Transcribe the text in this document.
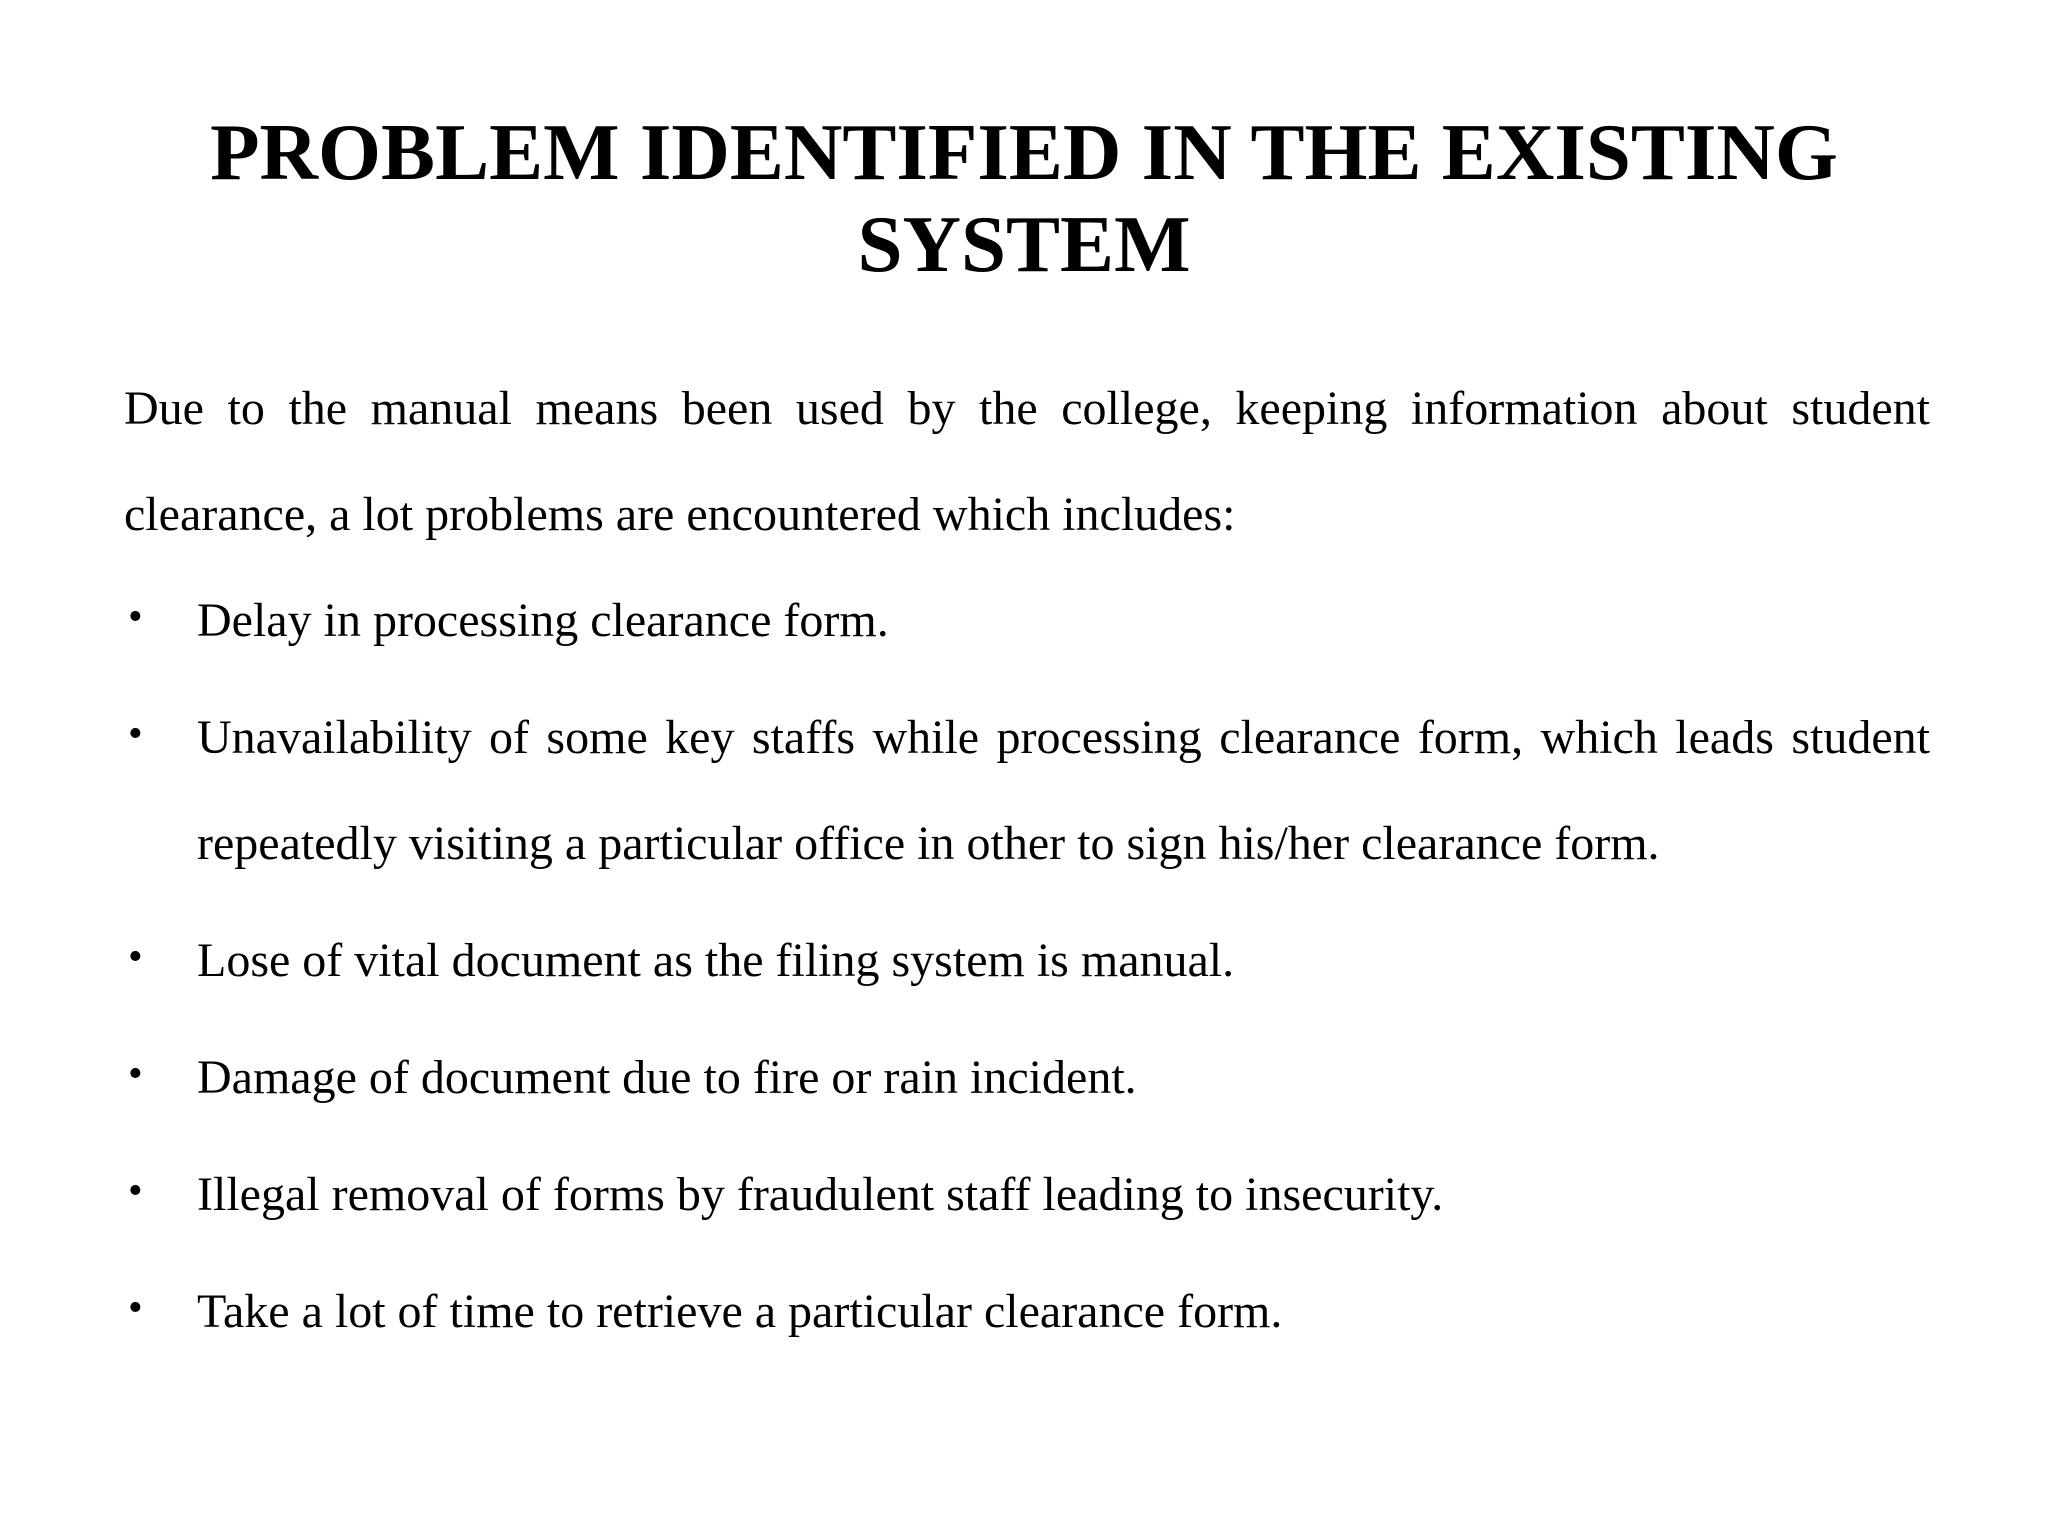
PROBLEM IDENTIFIED IN THE EXISTING SYSTEM

Due to the manual means been used by the college, keeping information about student clearance, a lot problems are encountered which includes:

• Delay in processing clearance form.
• Unavailability of some key staffs while processing clearance form, which leads student repeatedly visiting a particular office in other to sign his/her clearance form.
• Lose of vital document as the filing system is manual.
• Damage of document due to fire or rain incident.
• Illegal removal of forms by fraudulent staff leading to insecurity.
• Take a lot of time to retrieve a particular clearance form.
